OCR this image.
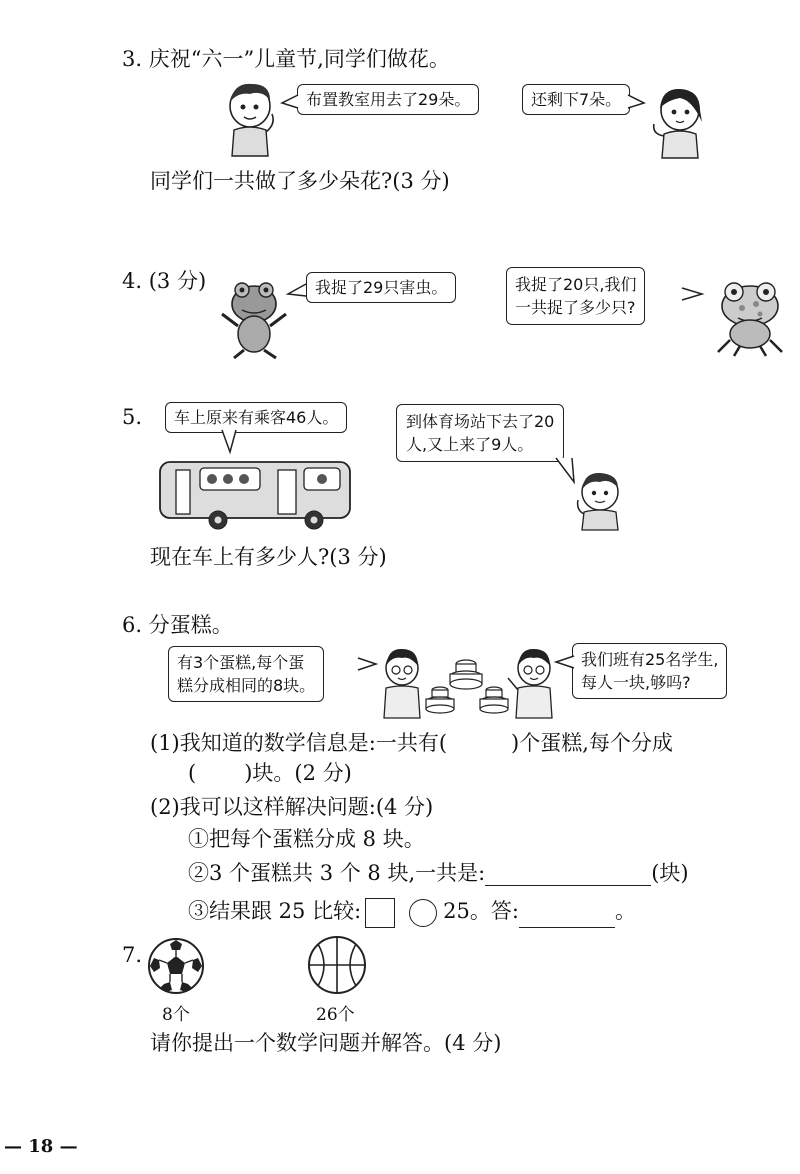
3. 庆祝“六一”儿童节,同学们做花。
布置教室用去了29朵。	还剩下7朵。
同学们一共做了多少朵花?(3 分)
4. (3 分)	我捉了29只害虫。	我捉了20只,我们
一共捉了多少只?
5.	车上原来有乘客46人。	到体育场站下去了20
人,又上来了9人。
现在车上有多少人?(3 分)
6. 分蛋糕。
有3个蛋糕,每个蛋
糕分成相同的8块。
我们班有25名学生,
每人一块,够吗?
(1)我知道的数学信息是:一共有(	)个蛋糕,每个分成
( )块。(2 分)
(2)我可以这样解决问题:(4 分)
①把每个蛋糕分成 8 块。
②3 个蛋糕共 3 个 8 块,一共是:	(块)
③结果跟 25 比较:	25。答:	。
7.
8个	26个
请你提出一个数学问题并解答。(4 分)
— 18 —
